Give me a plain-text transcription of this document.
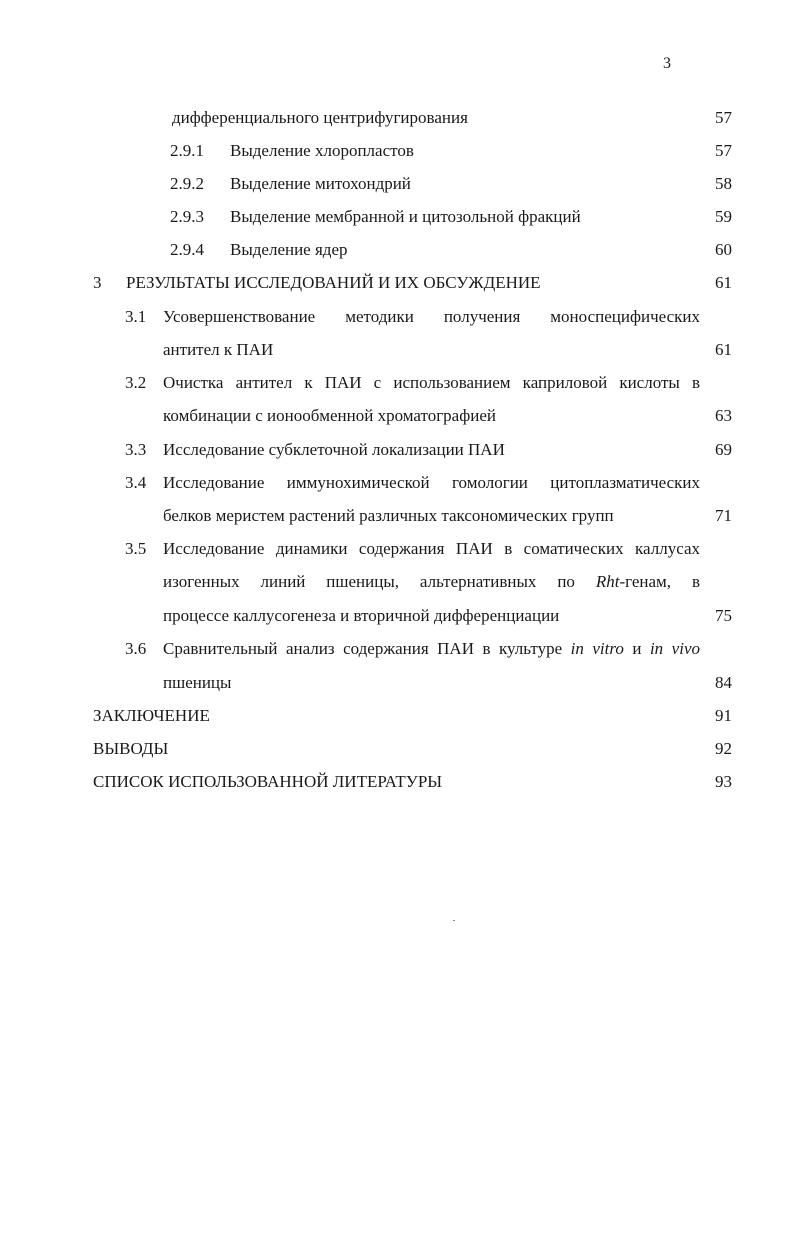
3
дифференциального центрифугирования	57
2.9.1 Выделение хлоропластов	57
2.9.2 Выделение митохондрий	58
2.9.3 Выделение мембранной и цитозольной фракций	59
2.9.4 Выделение ядер	60
3 РЕЗУЛЬТАТЫ ИССЛЕДОВАНИЙ И ИХ ОБСУЖДЕНИЕ	61
3.1 Усовершенствование методики получения моноспецифических
антител к ПАИ	61
3.2 Очистка антител к ПАИ с использованием каприловой кислоты в
комбинации с ионообменной хроматографией	63
3.3 Исследование субклеточной локализации ПАИ	69
3.4 Исследование иммунохимической гомологии цитоплазматических
белков меристем растений различных таксономических групп	71
3.5 Исследование динамики содержания ПАИ в соматических каллусах
изогенных линий пшеницы, альтернативных по Rht-генам, в
процессе каллусогенеза и вторичной дифференциации	75
3.6 Сравнительный анализ содержания ПАИ в культуре in vitro и in vivo
пшеницы	84
ЗАКЛЮЧЕНИЕ	91
ВЫВОДЫ	92
СПИСОК ИСПОЛЬЗОВАННОЙ ЛИТЕРАТУРЫ	93
